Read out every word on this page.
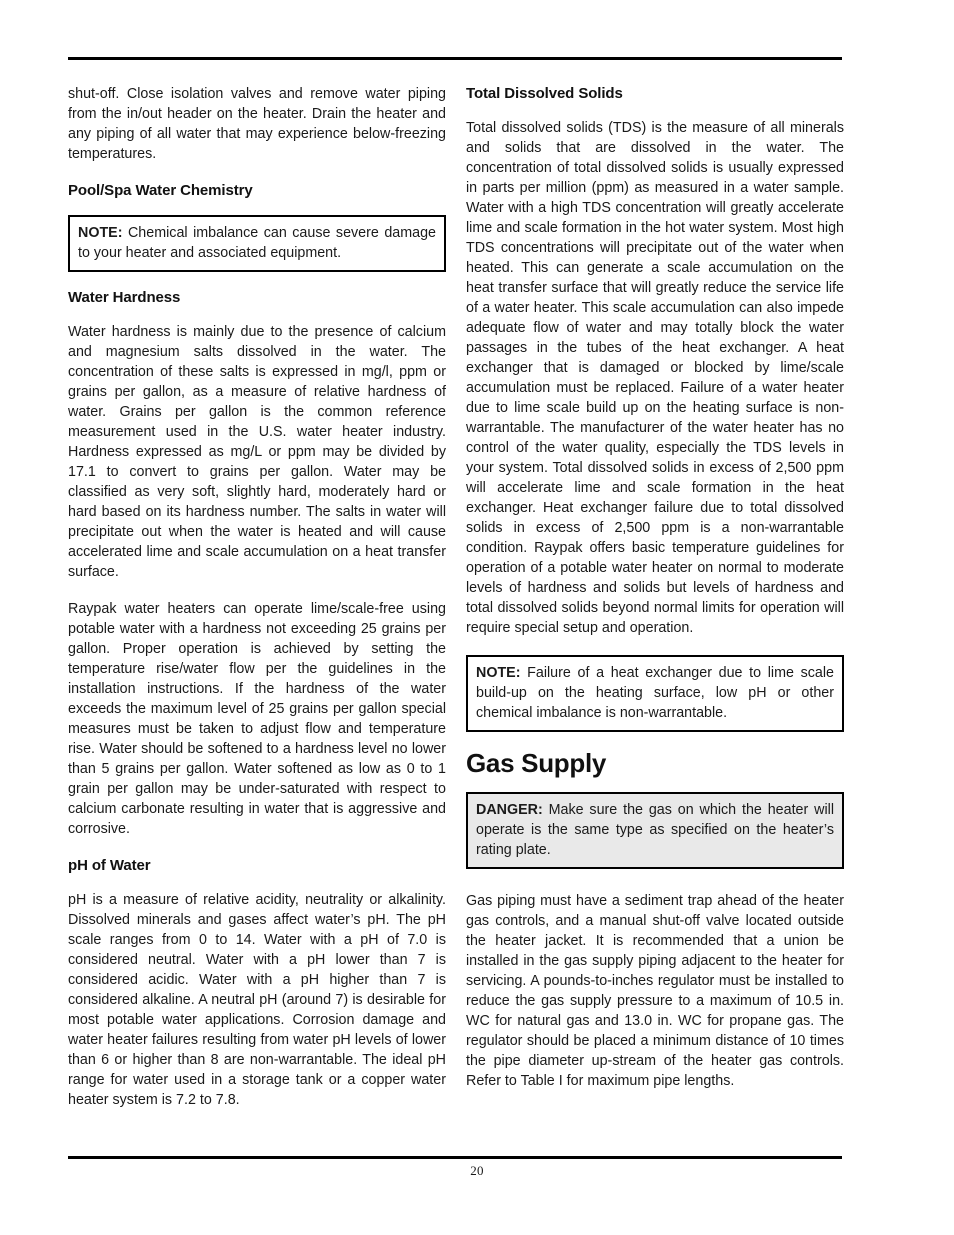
shut-off. Close isolation valves and remove water piping from the in/out header on the heater. Drain the heater and any piping of all water that may experience below-freezing temperatures.

Pool/Spa Water Chemistry

NOTE: Chemical imbalance can cause severe damage to your heater and associated equipment.

Water Hardness

Water hardness is mainly due to the presence of calcium and magnesium salts dissolved in the water. The concentration of these salts is expressed in mg/l, ppm or grains per gallon, as a measure of relative hardness of water. Grains per gallon is the common reference measurement used in the U.S. water heater industry. Hardness expressed as mg/L or ppm may be divided by 17.1 to convert to grains per gallon. Water may be classified as very soft, slightly hard, moderately hard or hard based on its hardness number. The salts in water will precipitate out when the water is heated and will cause accelerated lime and scale accumulation on a heat transfer surface.

Raypak water heaters can operate lime/scale-free using potable water with a hardness not exceeding 25 grains per gallon. Proper operation is achieved by setting the temperature rise/water flow per the guidelines in the installation instructions. If the hardness of the water exceeds the maximum level of 25 grains per gallon special measures must be taken to adjust flow and temperature rise. Water should be softened to a hardness level no lower than 5 grains per gallon. Water softened as low as 0 to 1 grain per gallon may be under-saturated with respect to calcium carbonate resulting in water that is aggressive and corrosive.

pH of Water

pH is a measure of relative acidity, neutrality or alkalinity. Dissolved minerals and gases affect water’s pH. The pH scale ranges from 0 to 14. Water with a pH of 7.0 is considered neutral. Water with a pH lower than 7 is considered acidic. Water with a pH higher than 7 is considered alkaline. A neutral pH (around 7) is desirable for most potable water applications. Corrosion damage and water heater failures resulting from water pH levels of lower than 6 or higher than 8 are non-warrantable. The ideal pH range for water used in a storage tank or a copper water heater system is 7.2 to 7.8.

Total Dissolved Solids

Total dissolved solids (TDS) is the measure of all minerals and solids that are dissolved in the water. The concentration of total dissolved solids is usually expressed in parts per million (ppm) as measured in a water sample. Water with a high TDS concentration will greatly accelerate lime and scale formation in the hot water system. Most high TDS concentrations will precipitate out of the water when heated. This can generate a scale accumulation on the heat transfer surface that will greatly reduce the service life of a water heater. This scale accumulation can also impede adequate flow of water and may totally block the water passages in the tubes of the heat exchanger. A heat exchanger that is damaged or blocked by lime/scale accumulation must be replaced. Failure of a water heater due to lime scale build up on the heating surface is non-warrantable. The manufacturer of the water heater has no control of the water quality, especially the TDS levels in your system. Total dissolved solids in excess of 2,500 ppm will accelerate lime and scale formation in the heat exchanger. Heat exchanger failure due to total dissolved solids in excess of 2,500 ppm is a non-warrantable condition. Raypak offers basic temperature guidelines for operation of a potable water heater on normal to moderate levels of hardness and solids but levels of hardness and total dissolved solids beyond normal limits for operation will require special setup and operation.

NOTE: Failure of a heat exchanger due to lime scale build-up on the heating surface, low pH or other chemical imbalance is non-warrantable.

Gas Supply

DANGER: Make sure the gas on which the heater will operate is the same type as specified on the heater’s rating plate.

Gas piping must have a sediment trap ahead of the heater gas controls, and a manual shut-off valve located outside the heater jacket. It is recommended that a union be installed in the gas supply piping adjacent to the heater for servicing. A pounds-to-inches regulator must be installed to reduce the gas supply pressure to a maximum of 10.5 in. WC for natural gas and 13.0 in. WC for propane gas. The regulator should be placed a minimum distance of 10 times the pipe diameter up-stream of the heater gas controls. Refer to Table I for maximum pipe lengths.

20
